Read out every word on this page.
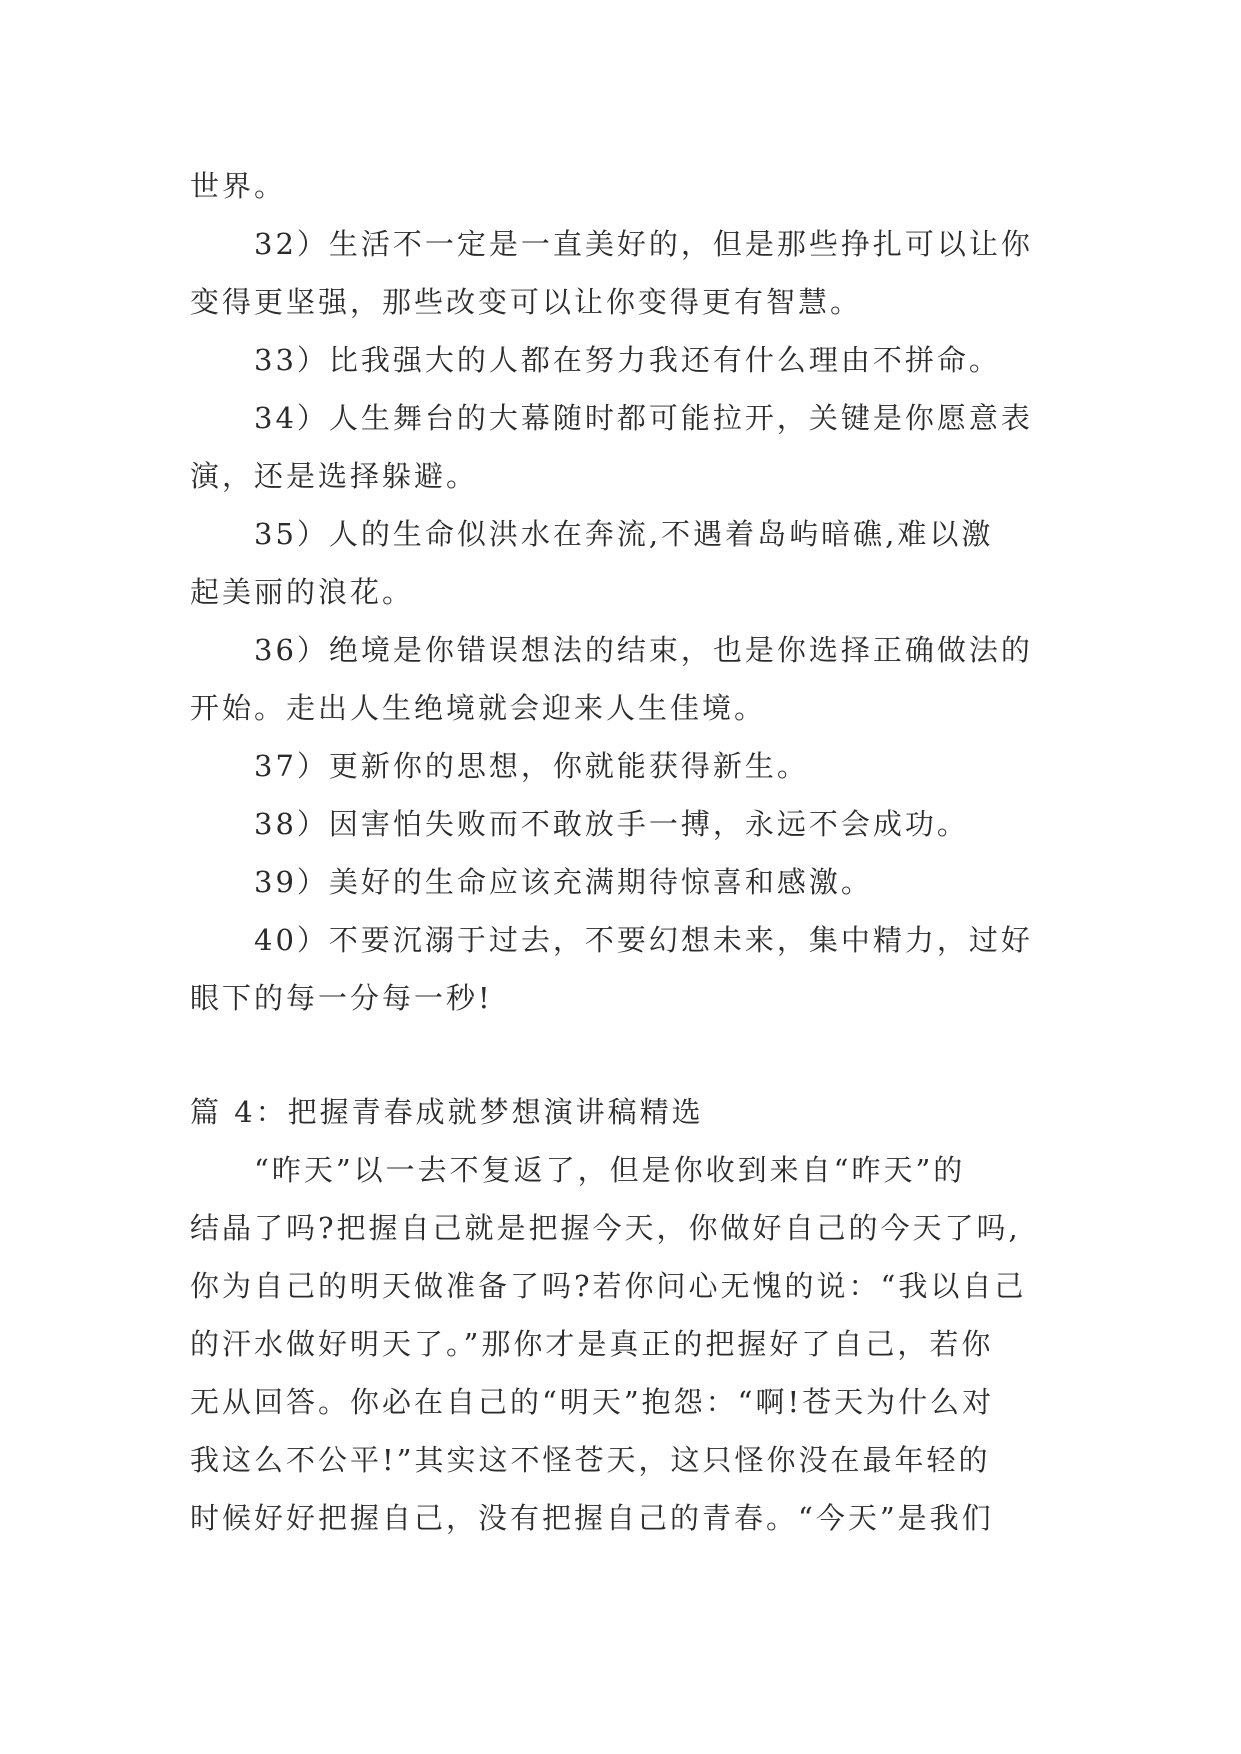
世界。
32）生活不一定是一直美好的，但是那些挣扎可以让你
变得更坚强，那些改变可以让你变得更有智慧。
33）比我强大的人都在努力我还有什么理由不拼命。
34）人生舞台的大幕随时都可能拉开，关键是你愿意表
演，还是选择躲避。
35）人的生命似洪水在奔流,不遇着岛屿暗礁,难以激
起美丽的浪花。
36）绝境是你错误想法的结束，也是你选择正确做法的
开始。走出人生绝境就会迎来人生佳境。
37）更新你的思想，你就能获得新生。
38）因害怕失败而不敢放手一搏，永远不会成功。
39）美好的生命应该充满期待惊喜和感激。
40）不要沉溺于过去，不要幻想未来，集中精力，过好
眼下的每一分每一秒!
篇 4：把握青春成就梦想演讲稿精选
“昨天”以一去不复返了，但是你收到来自“昨天”的
结晶了吗?把握自己就是把握今天，你做好自己的今天了吗,
你为自己的明天做准备了吗?若你问心无愧的说：“我以自己
的汗水做好明天了。”那你才是真正的把握好了自己，若你
无从回答。你必在自己的“明天”抱怨：“啊!苍天为什么对
我这么不公平!”其实这不怪苍天，这只怪你没在最年轻的
时候好好把握自己，没有把握自己的青春。“今天”是我们
